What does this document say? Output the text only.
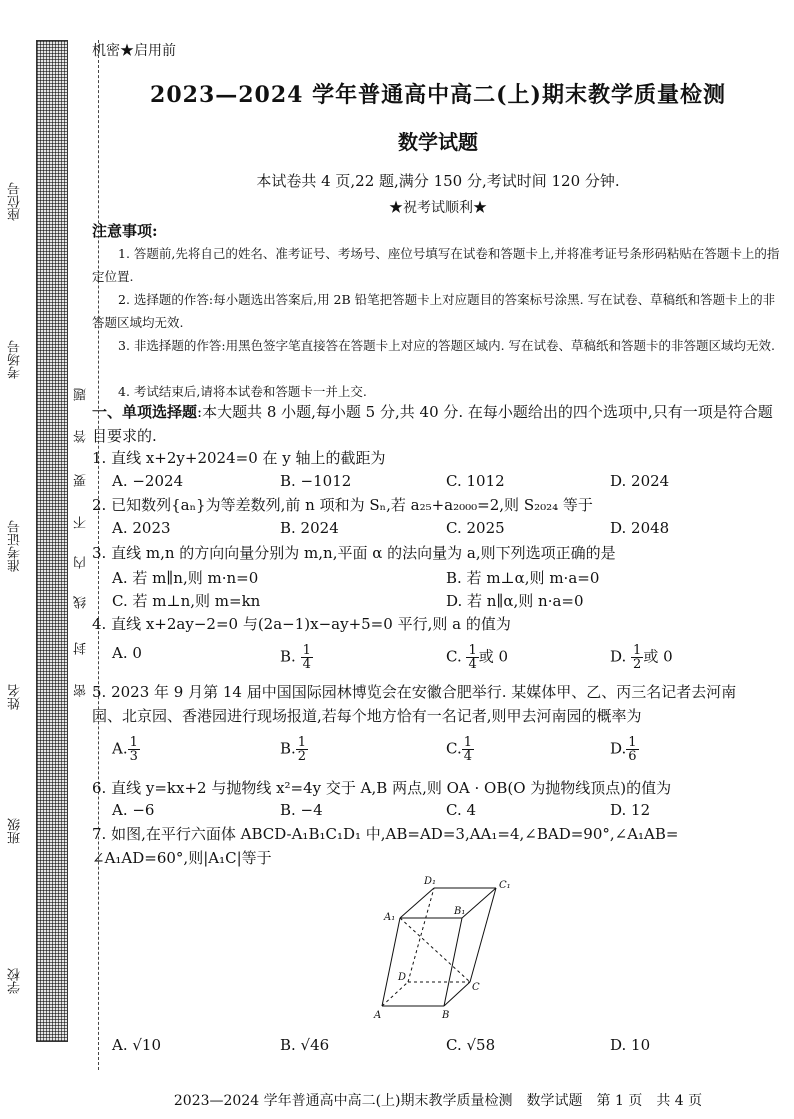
座位号
考场号
准考证号
姓名
班级
学校
题
答
要
不
内
线
封
密
机密★启用前
2023—2024 学年普通高中高二(上)期末教学质量检测
数学试题
本试卷共 4 页,22 题,满分 150 分,考试时间 120 分钟.
★祝考试顺利★
注意事项:
1. 答题前,先将自己的姓名、准考证号、考场号、座位号填写在试卷和答题卡上,并将准考证号条形码粘贴在答题卡上的指定位置.
2. 选择题的作答:每小题选出答案后,用 2B 铅笔把答题卡上对应题目的答案标号涂黑. 写在试卷、草稿纸和答题卡上的非答题区域均无效.
3. 非选择题的作答:用黑色签字笔直接答在答题卡上对应的答题区域内. 写在试卷、草稿纸和答题卡的非答题区域均无效.
4. 考试结束后,请将本试卷和答题卡一并上交.
一、单项选择题:本大题共 8 小题,每小题 5 分,共 40 分. 在每小题给出的四个选项中,只有一项是符合题目要求的.
1. 直线 x+2y+2024=0 在 y 轴上的截距为
A. −2024	B. −1012	C. 1012	D. 2024
2. 已知数列{aₙ}为等差数列,前 n 项和为 Sₙ,若 a₂₅+a₂₀₀₀=2,则 S₂₀₂₄ 等于
A. 2023	B. 2024	C. 2025	D. 2048
3. 直线 m,n 的方向向量分别为 m,n,平面 α 的法向量为 a,则下列选项正确的是
A. 若 m∥n,则 m·n=0	B. 若 m⊥α,则 m·a=0
C. 若 m⊥n,则 m=kn	D. 若 n∥α,则 n·a=0
4. 直线 x+2ay−2=0 与(2a−1)x−ay+5=0 平行,则 a 的值为
A. 0	B. $\frac{1}{4}$	C. $\frac{1}{4}$ 或 0	D. $\frac{1}{2}$ 或 0
5. 2023 年 9 月第 14 届中国国际园林博览会在安徽合肥举行. 某媒体甲、乙、丙三名记者去河南
园、北京园、香港园进行现场报道,若每个地方恰有一名记者,则甲去河南园的概率为
A. $\frac{1}{3}$	B. $\frac{1}{2}$	C. $\frac{1}{4}$	D. $\frac{1}{6}$
6. 直线 y=kx+2 与抛物线 x²=4y 交于 A,B 两点,则 OA · OB(O 为抛物线顶点)的值为
A. −6	B. −4	C. 4	D. 12
7. 如图,在平行六面体 ABCD-A₁B₁C₁D₁ 中,AB=AD=3,AA₁=4,∠BAD=90°,∠A₁AB=
∠A₁AD=60°,则|A₁C|等于
D₁	C₁
A₁
B₁
D
C
A	B
A. √10	B. √46	C. √58	D. 10
2023—2024 学年普通高中高二(上)期末教学质量检测　数学试题　第 1 页　共 4 页
